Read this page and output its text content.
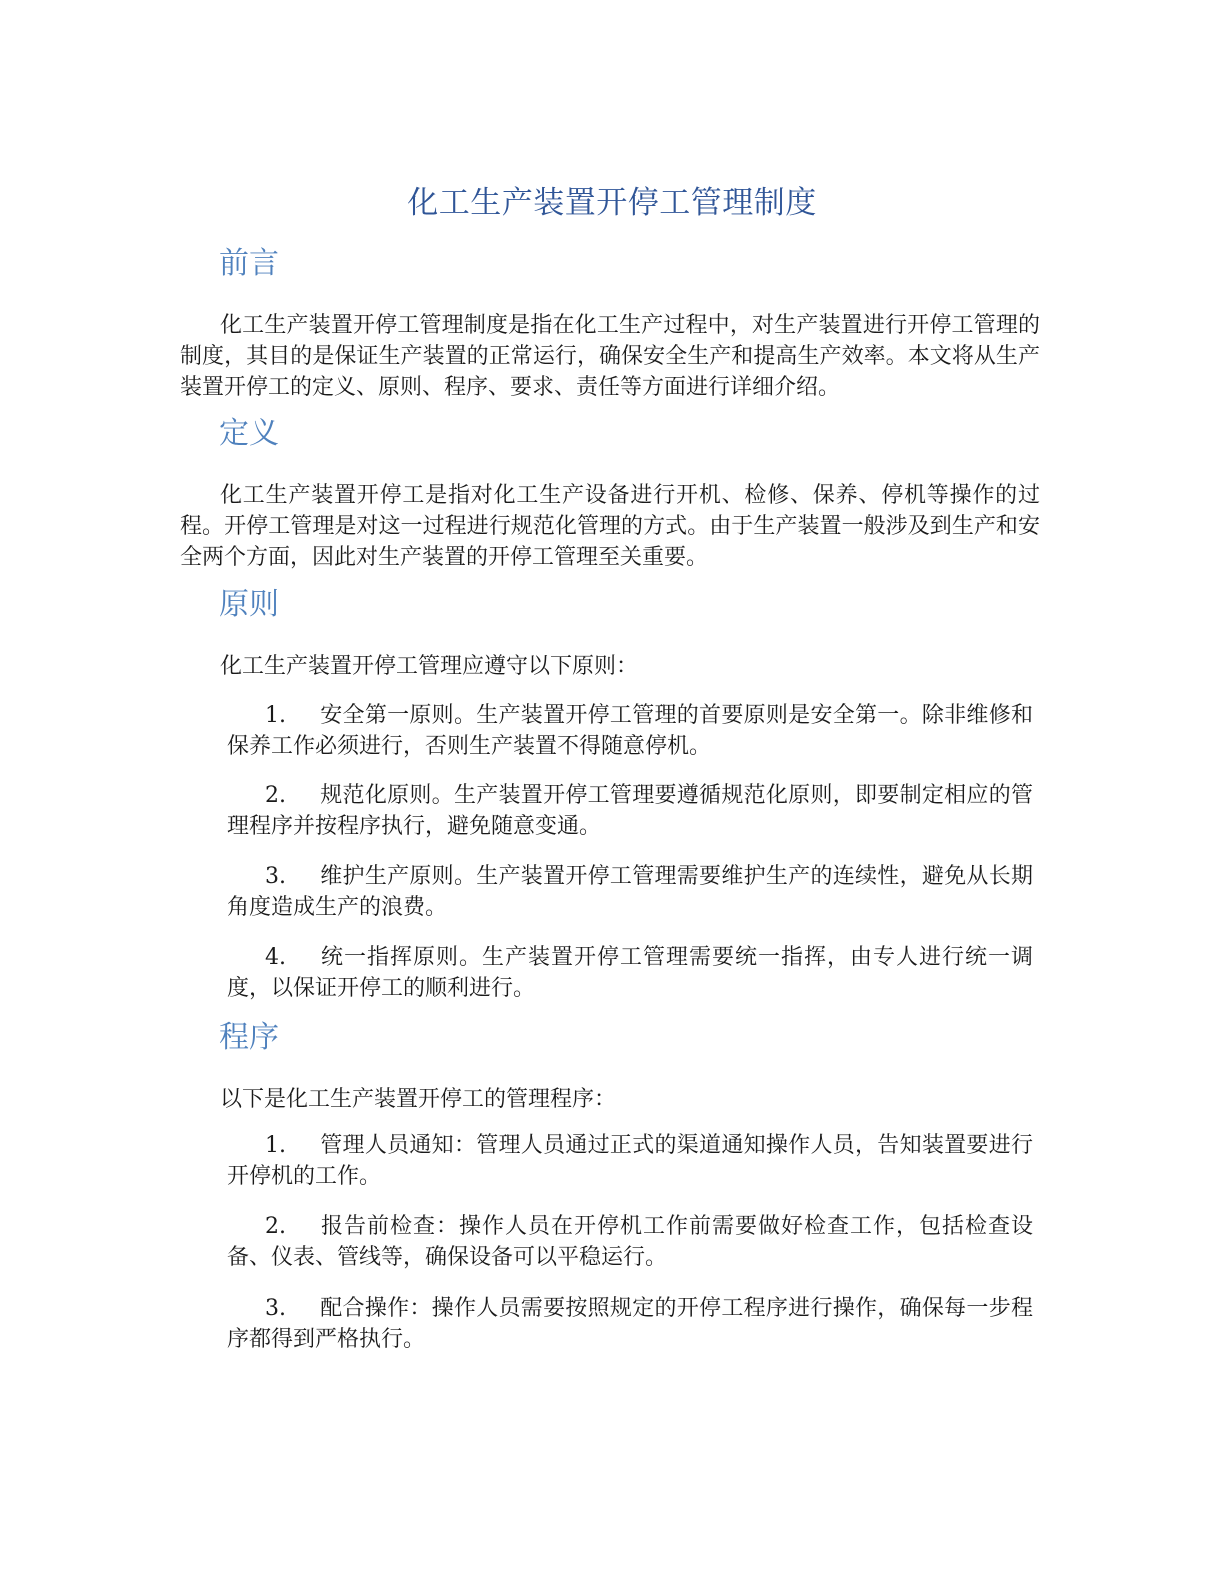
化工生产装置开停工管理制度
前言

化工生产装置开停工管理制度是指在化工生产过程中，对生产装置进行开停工管理的制度，其目的是保证生产装置的正常运行，确保安全生产和提高生产效率。本文将从生产装置开停工的定义、原则、程序、要求、责任等方面进行详细介绍。

定义

化工生产装置开停工是指对化工生产设备进行开机、检修、保养、停机等操作的过程。开停工管理是对这一过程进行规范化管理的方式。由于生产装置一般涉及到生产和安全两个方面，因此对生产装置的开停工管理至关重要。

原则

化工生产装置开停工管理应遵守以下原则：

1. 安全第一原则。生产装置开停工管理的首要原则是安全第一。除非维修和保养工作必须进行，否则生产装置不得随意停机。

2. 规范化原则。生产装置开停工管理要遵循规范化原则，即要制定相应的管理程序并按程序执行，避免随意变通。

3. 维护生产原则。生产装置开停工管理需要维护生产的连续性，避免从长期角度造成生产的浪费。

4. 统一指挥原则。生产装置开停工管理需要统一指挥，由专人进行统一调度，以保证开停工的顺利进行。

程序

以下是化工生产装置开停工的管理程序：

1. 管理人员通知：管理人员通过正式的渠道通知操作人员，告知装置要进行开停机的工作。

2. 报告前检查：操作人员在开停机工作前需要做好检查工作，包括检查设备、仪表、管线等，确保设备可以平稳运行。

3. 配合操作：操作人员需要按照规定的开停工程序进行操作，确保每一步程序都得到严格执行。
